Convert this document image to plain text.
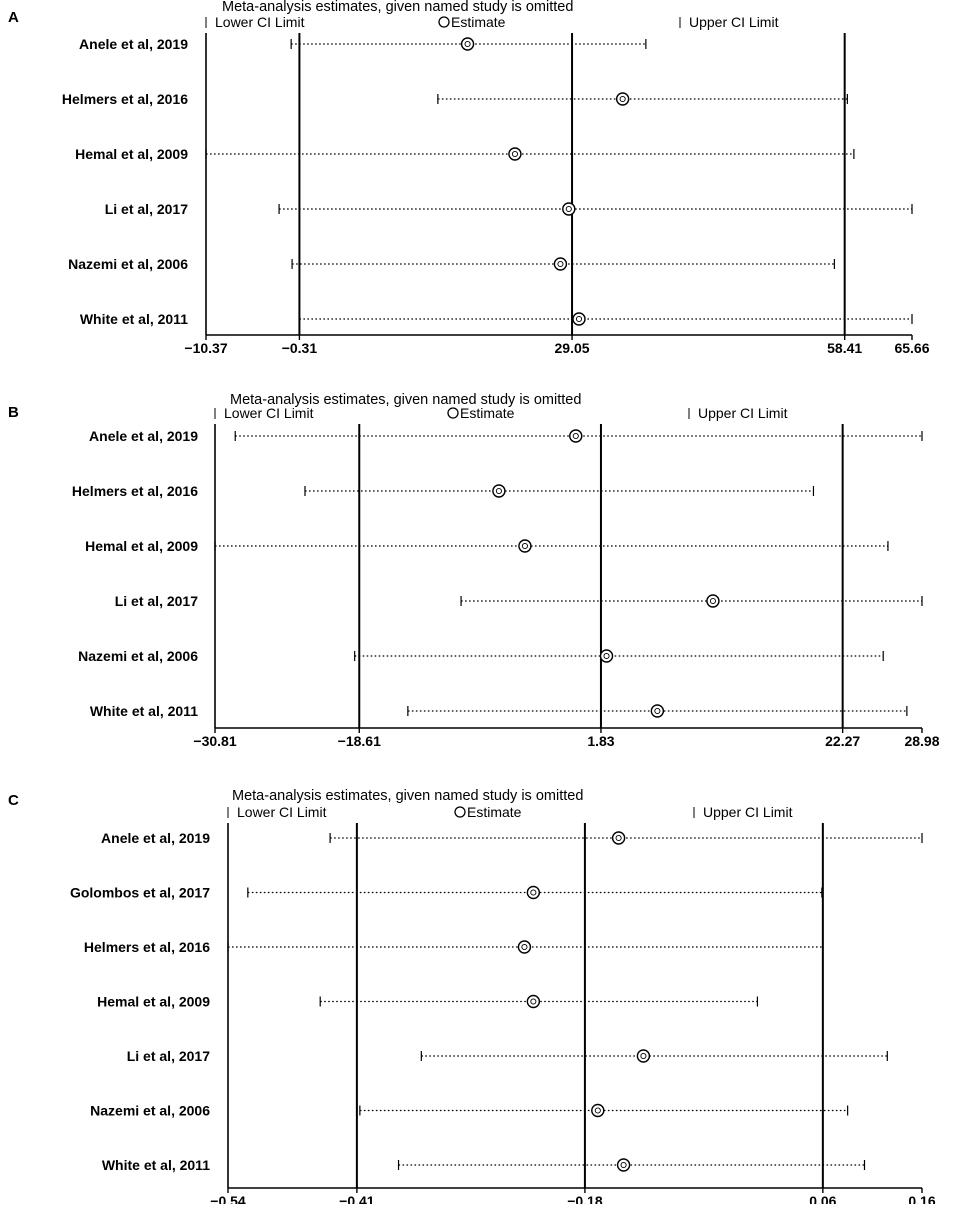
A
Meta-analysis estimates, given named study is omitted
Lower CI Limit	Estimate	Upper CI Limit
Anele et al, 2019
Helmers et al, 2016
Hemal et al, 2009
Li et al, 2017
Nazemi et al, 2006
White et al, 2011
−10.37	−0.31	29.05	58.41 65.66
B
Meta-analysis estimates, given named study is omitted
Lower CI Limit	Estimate	Upper CI Limit
Anele et al, 2019
Helmers et al, 2016
Hemal et al, 2009
Li et al, 2017
Nazemi et al, 2006
White et al, 2011
−30.81	−18.61	1.83	22.27	28.98
C	Meta-analysis estimates, given named study is omitted
Lower CI Limit	Estimate	Upper CI Limit
Anele et al, 2019
Golombos et al, 2017
Helmers et al, 2016
Hemal et al, 2009
Li et al, 2017
Nazemi et al, 2006
White et al, 2011
−0.54	−0.41	−0.18	0.06	0.16
